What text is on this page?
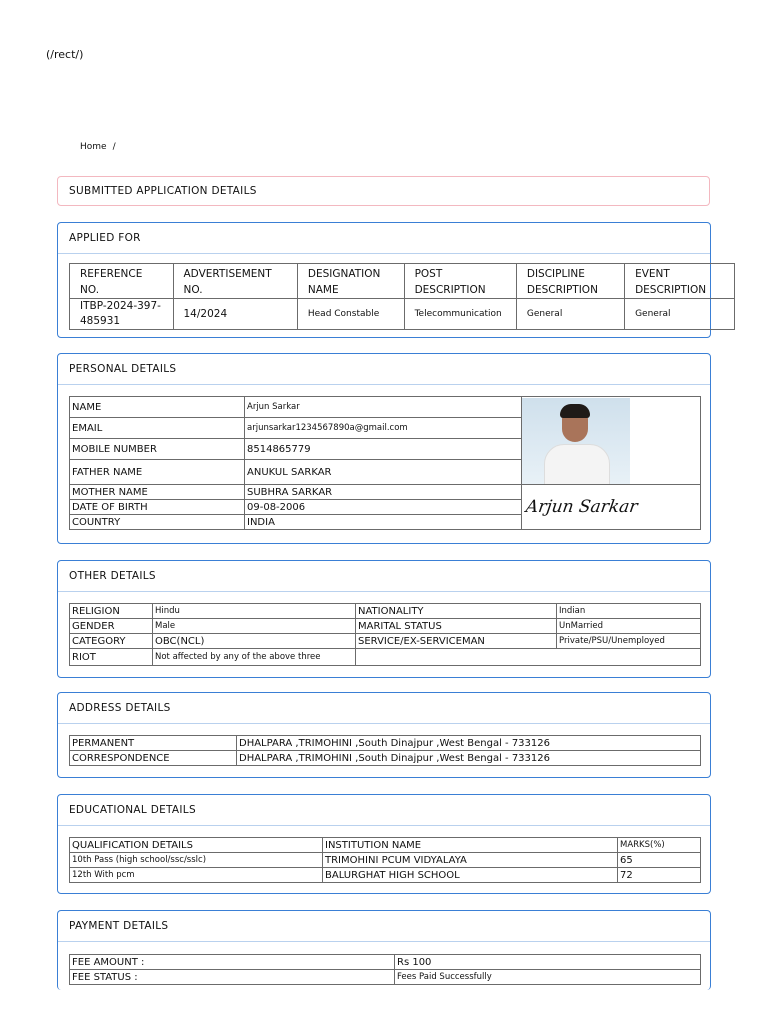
(/rect/)
Home /
SUBMITTED APPLICATION DETAILS
APPLIED FOR
REFERENCE NO.	ADVERTISEMENT NO.	DESIGNATION NAME	POST DESCRIPTION	DISCIPLINE DESCRIPTION	EVENT DESCRIPTION
ITBP-2024-397-485931	14/2024	Head Constable	Telecommunication	General	General
PERSONAL DETAILS
NAME	Arjun Sarkar	

EMAIL	arjunsarkar1234567890a@gmail.com	
MOBILE NUMBER	8514865779	
FATHER NAME	ANUKUL SARKAR	
MOTHER NAME	SUBHRA SARKAR	Arjun Sarkar
DATE OF BIRTH	09-08-2006	
COUNTRY	INDIA	
OTHER DETAILS
RELIGION	Hindu	NATIONALITY	Indian
GENDER	Male	MARITAL STATUS	UnMarried
CATEGORY	OBC(NCL)	SERVICE/EX-SERVICEMAN	Private/PSU/Unemployed
RIOT	Not affected by any of the above three		
ADDRESS DETAILS
PERMANENT	DHALPARA ,TRIMOHINI ,South Dinajpur ,West Bengal - 733126
CORRESPONDENCE	DHALPARA ,TRIMOHINI ,South Dinajpur ,West Bengal - 733126
EDUCATIONAL DETAILS
QUALIFICATION DETAILS	INSTITUTION NAME	MARKS(%)
10th Pass (high school/ssc/sslc)	TRIMOHINI PCUM VIDYALAYA	65
12th With pcm	BALURGHAT HIGH SCHOOL	72
PAYMENT DETAILS
FEE AMOUNT :	Rs 100
FEE STATUS :	Fees Paid Successfully
